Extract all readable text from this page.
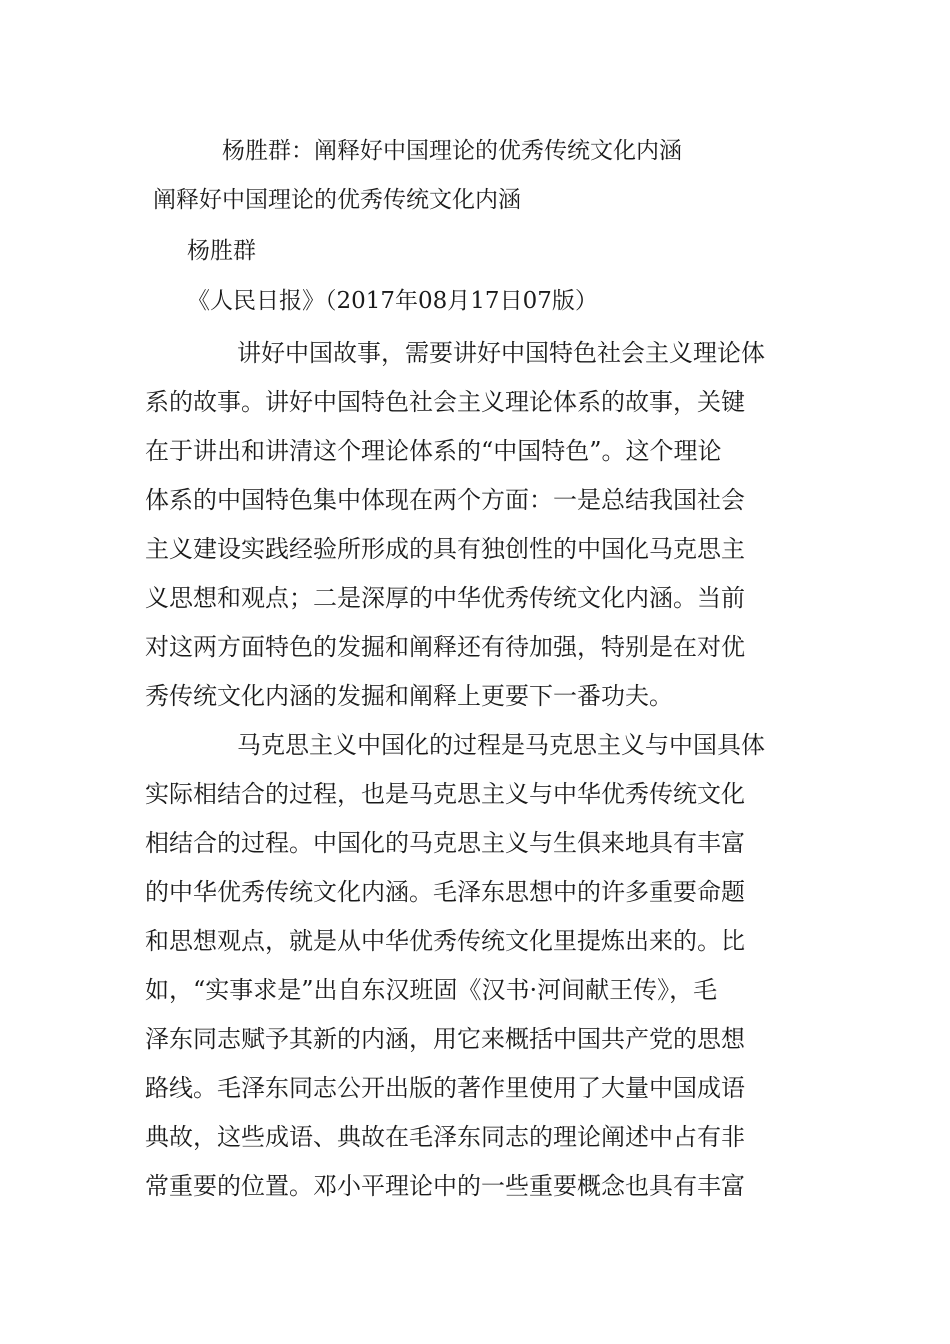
杨胜群：阐释好中国理论的优秀传统文化内涵
阐释好中国理论的优秀传统文化内涵
杨胜群
《人民日报》（2017年08月17日07版）
讲好中国故事，需要讲好中国特色社会主义理论体
系的故事。讲好中国特色社会主义理论体系的故事，关键
在于讲出和讲清这个理论体系的“中国特色”。这个理论
体系的中国特色集中体现在两个方面：一是总结我国社会
主义建设实践经验所形成的具有独创性的中国化马克思主
义思想和观点；二是深厚的中华优秀传统文化内涵。当前
对这两方面特色的发掘和阐释还有待加强，特别是在对优
秀传统文化内涵的发掘和阐释上更要下一番功夫。
马克思主义中国化的过程是马克思主义与中国具体
实际相结合的过程，也是马克思主义与中华优秀传统文化
相结合的过程。中国化的马克思主义与生俱来地具有丰富
的中华优秀传统文化内涵。毛泽东思想中的许多重要命题
和思想观点，就是从中华优秀传统文化里提炼出来的。比
如，“实事求是”出自东汉班固《汉书·河间献王传》，毛
泽东同志赋予其新的内涵，用它来概括中国共产党的思想
路线。毛泽东同志公开出版的著作里使用了大量中国成语
典故，这些成语、典故在毛泽东同志的理论阐述中占有非
常重要的位置。邓小平理论中的一些重要概念也具有丰富
